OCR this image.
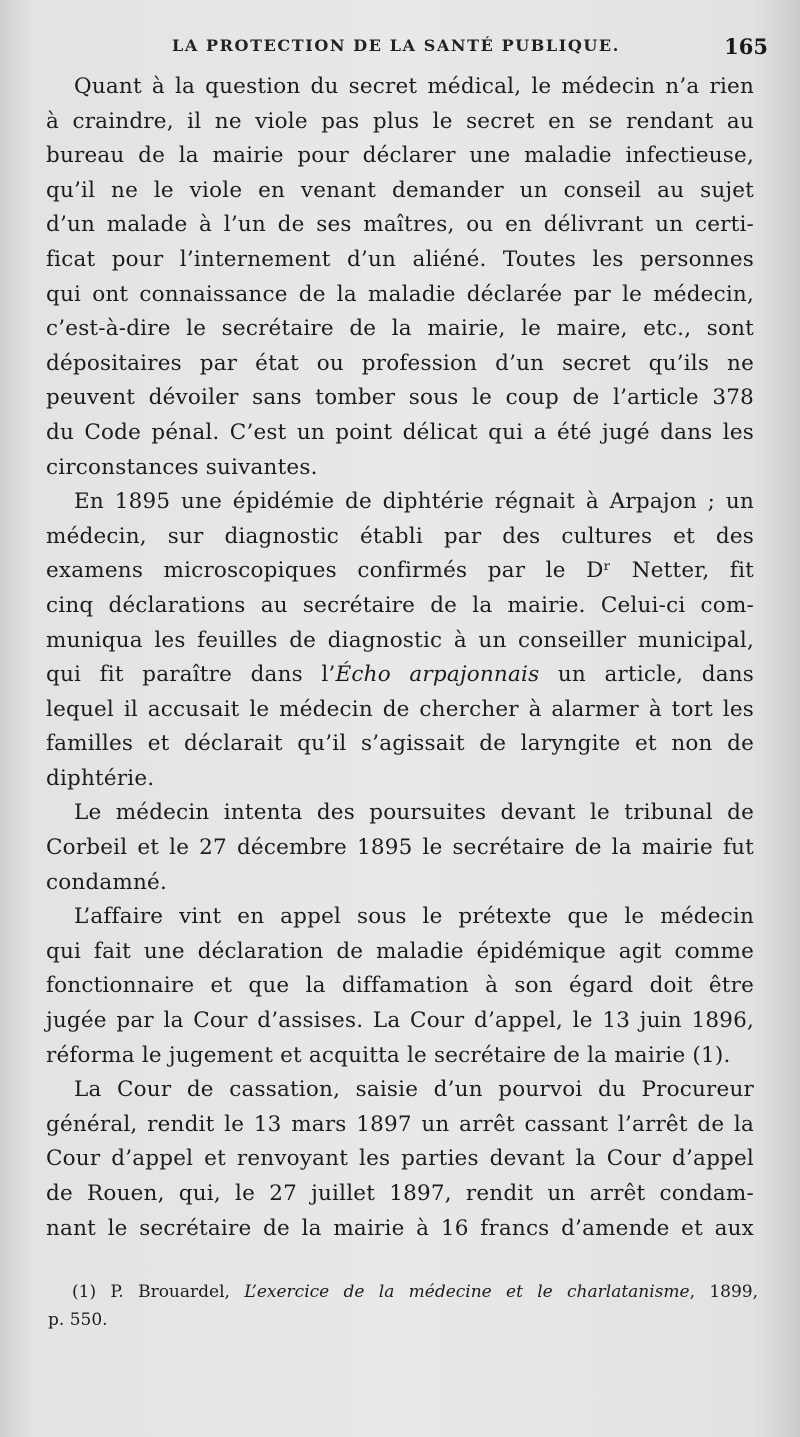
LA PROTECTION DE LA SANTÉ PUBLIQUE.	165
Quant à la question du secret médical, le médecin n’a rien
à craindre, il ne viole pas plus le secret en se rendant au
bureau de la mairie pour déclarer une maladie infectieuse,
qu’il ne le viole en venant demander un conseil au sujet
d’un malade à l’un de ses maîtres, ou en délivrant un certi-
ficat pour l’internement d’un aliéné. Toutes les personnes
qui ont connaissance de la maladie déclarée par le médecin,
c’est-à-dire le secrétaire de la mairie, le maire, etc., sont
dépositaires par état ou profession d’un secret qu’ils ne
peuvent dévoiler sans tomber sous le coup de l’article 378
du Code pénal. C’est un point délicat qui a été jugé dans les
circonstances suivantes.
En 1895 une épidémie de diphtérie régnait à Arpajon ; un
médecin, sur diagnostic établi par des cultures et des
examens microscopiques confirmés par le Dʳ Netter, fit
cinq déclarations au secrétaire de la mairie. Celui-ci com-
muniqua les feuilles de diagnostic à un conseiller municipal,
qui fit paraître dans l’Écho arpajonnais un article, dans
lequel il accusait le médecin de chercher à alarmer à tort les
familles et déclarait qu’il s’agissait de laryngite et non de
diphtérie.
Le médecin intenta des poursuites devant le tribunal de
Corbeil et le 27 décembre 1895 le secrétaire de la mairie fut
condamné.
L’affaire vint en appel sous le prétexte que le médecin
qui fait une déclaration de maladie épidémique agit comme
fonctionnaire et que la diffamation à son égard doit être
jugée par la Cour d’assises. La Cour d’appel, le 13 juin 1896,
réforma le jugement et acquitta le secrétaire de la mairie (1).
La Cour de cassation, saisie d’un pourvoi du Procureur
général, rendit le 13 mars 1897 un arrêt cassant l’arrêt de la
Cour d’appel et renvoyant les parties devant la Cour d’appel
de Rouen, qui, le 27 juillet 1897, rendit un arrêt condam-
nant le secrétaire de la mairie à 16 francs d’amende et aux
(1) P. Brouardel, L’exercice de la médecine et le charlatanisme, 1899,
p. 550.
